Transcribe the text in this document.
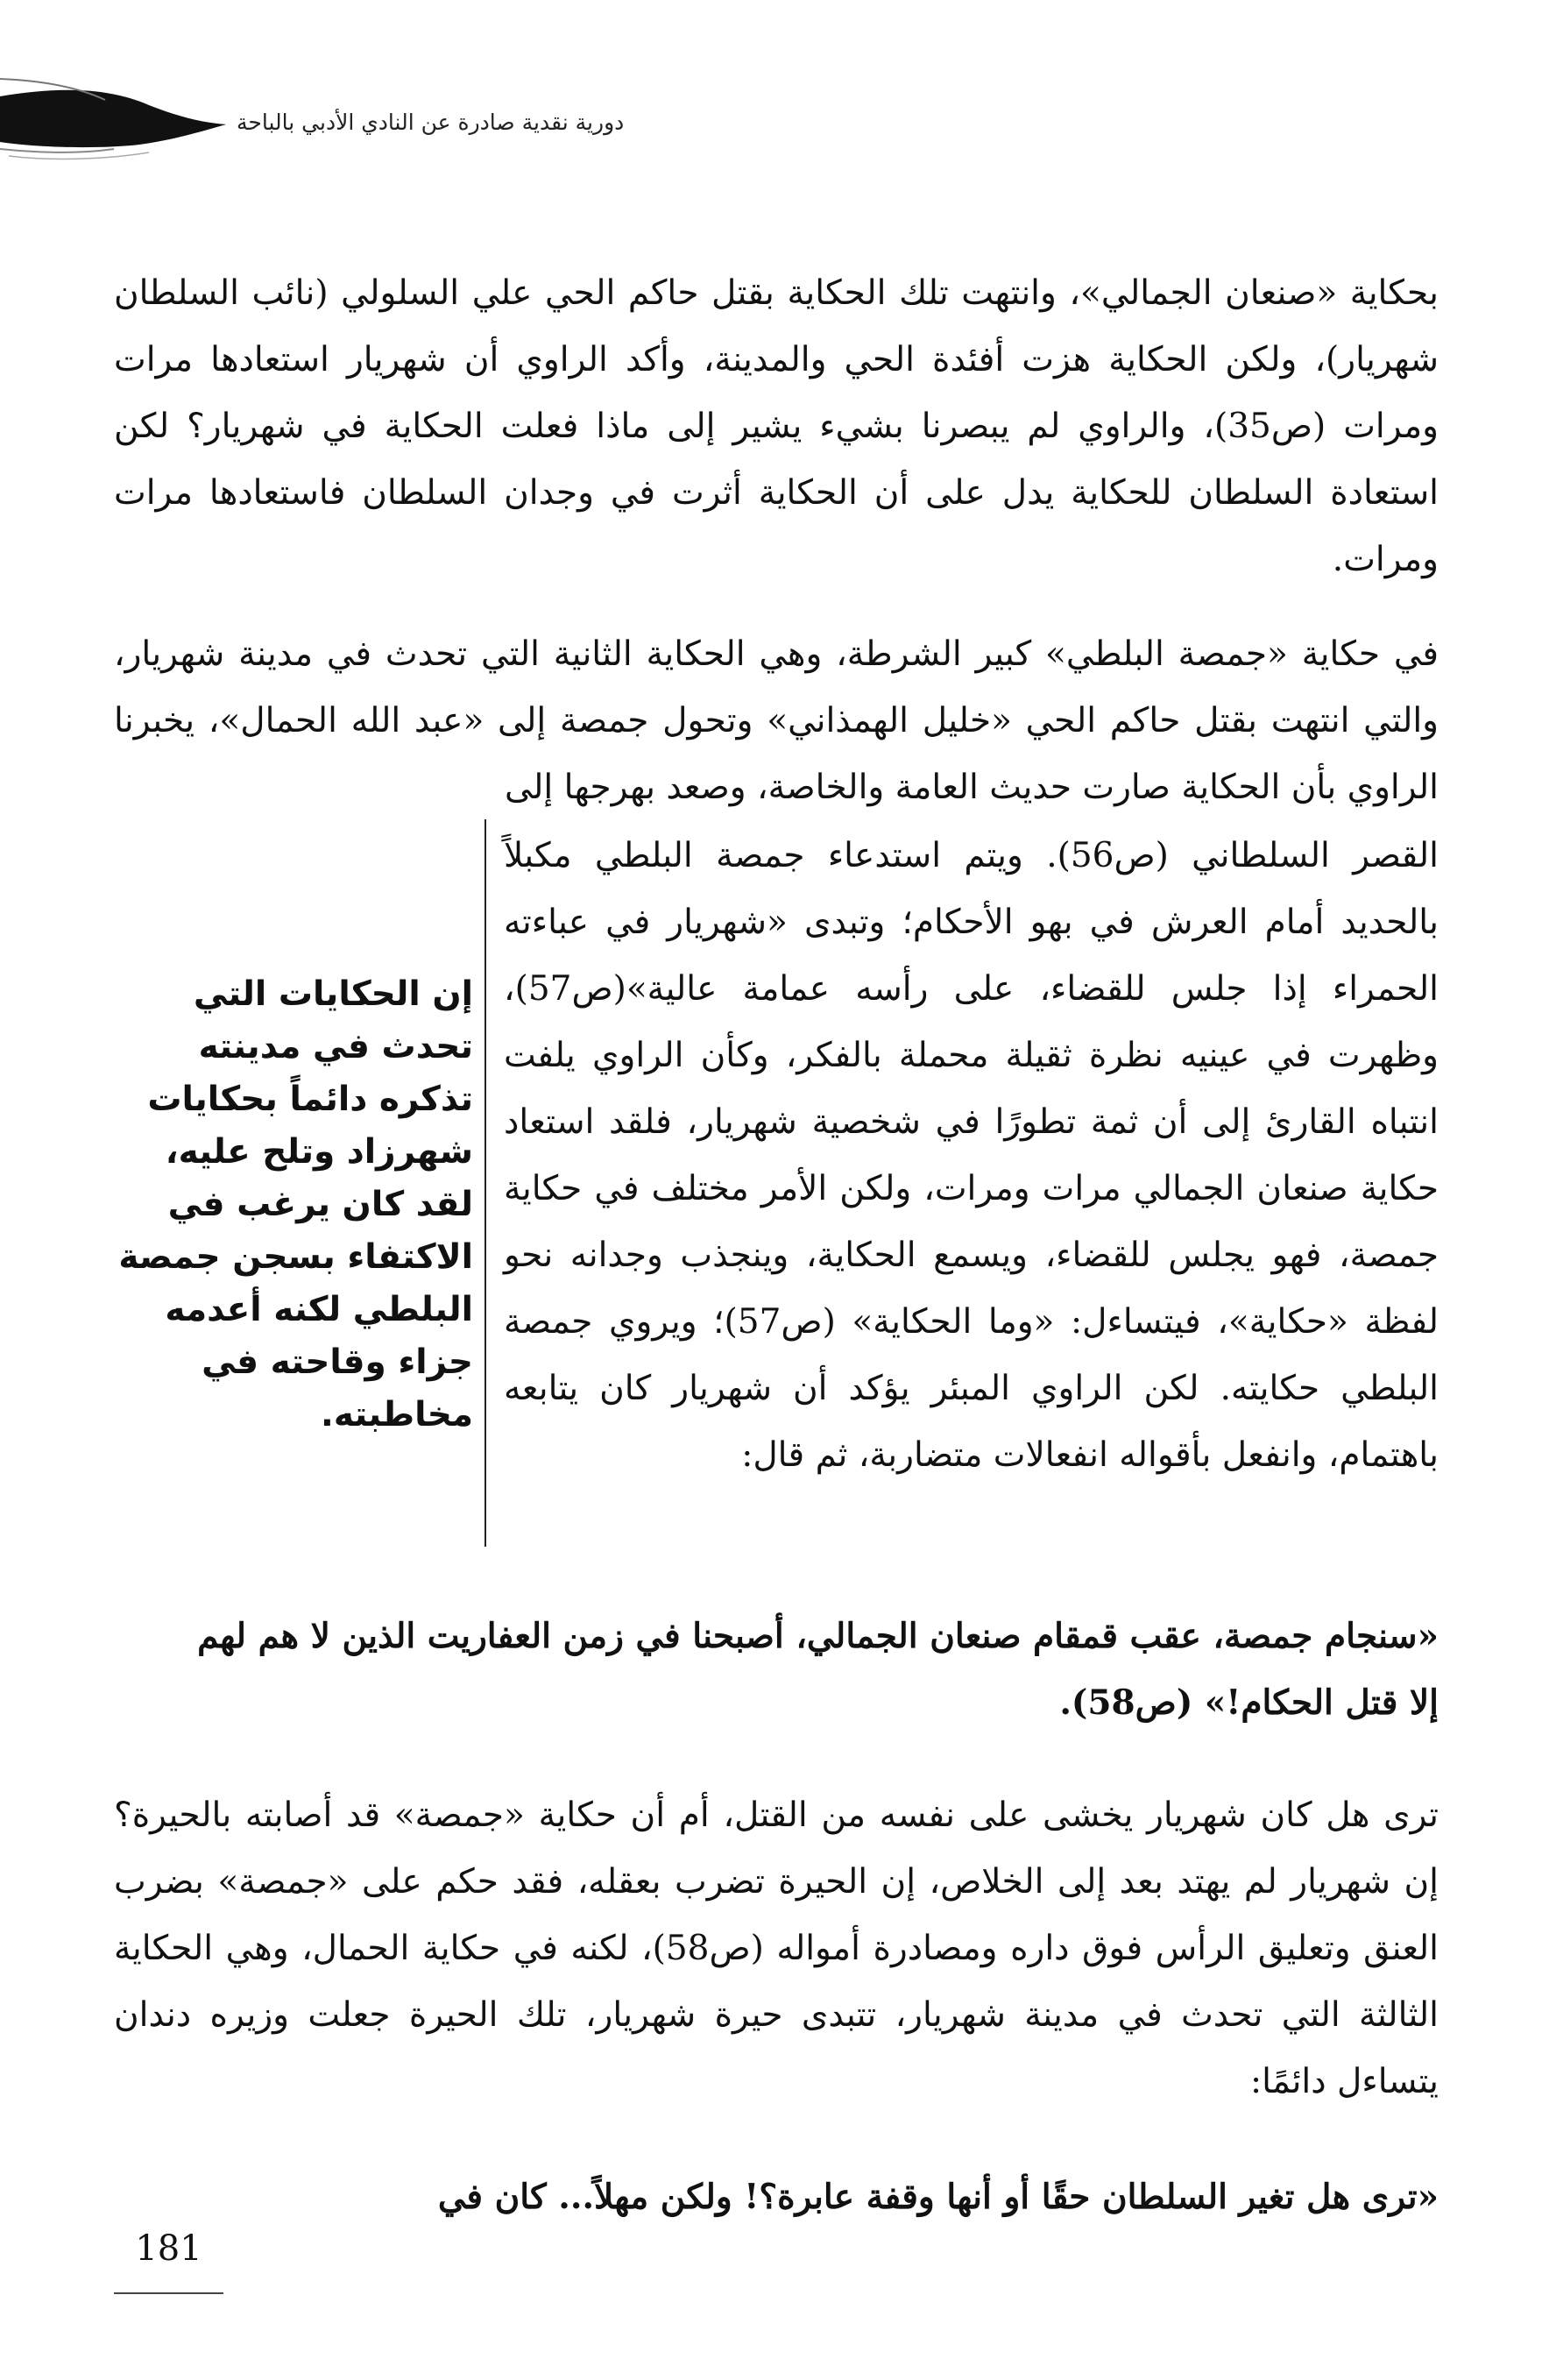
دورية نقدية صادرة عن النادي الأدبي بالباحة

بحكاية «صنعان الجمالي»، وانتهت تلك الحكاية بقتل حاكم الحي علي السلولي (نائب السلطان شهريار)، ولكن الحكاية هزت أفئدة الحي والمدينة، وأكد الراوي أن شهريار استعادها مرات ومرات (ص35)، والراوي لم يبصرنا بشيء يشير إلى ماذا فعلت الحكاية في شهريار؟ لكن استعادة السلطان للحكاية يدل على أن الحكاية أثرت في وجدان السلطان فاستعادها مرات ومرات.

في حكاية «جمصة البلطي» كبير الشرطة، وهي الحكاية الثانية التي تحدث في مدينة شهريار، والتي انتهت بقتل حاكم الحي «خليل الهمذاني» وتحول جمصة إلى «عبد الله الحمال»، يخبرنا الراوي بأن الحكاية صارت حديث العامة والخاصة، وصعد بهرجها إلى

القصر السلطاني (ص56). ويتم استدعاء جمصة البلطي مكبلاً بالحديد أمام العرش في بهو الأحكام؛ وتبدى «شهريار في عباءته الحمراء إذا جلس للقضاء، على رأسه عمامة عالية»(ص57)، وظهرت في عينيه نظرة ثقيلة محملة بالفكر، وكأن الراوي يلفت انتباه القارئ إلى أن ثمة تطورًا في شخصية شهريار، فلقد استعاد حكاية صنعان الجمالي مرات ومرات، ولكن الأمر مختلف في حكاية جمصة، فهو يجلس للقضاء، ويسمع الحكاية، وينجذب وجدانه نحو لفظة «حكاية»، فيتساءل: «وما الحكاية» (ص57)؛ ويروي جمصة البلطي حكايته. لكن الراوي المبئر يؤكد أن شهريار كان يتابعه باهتمام، وانفعل بأقواله انفعالات متضاربة، ثم قال:

إن الحكايات التي تحدث في مدينته تذكره دائماً بحكايات شهرزاد وتلح عليه، لقد كان يرغب في الاكتفاء بسجن جمصة البلطي لكنه أعدمه جزاء وقاحته في مخاطبته.

«سنجام جمصة، عقب قمقام صنعان الجمالي، أصبحنا في زمن العفاريت الذين لا هم لهم إلا قتل الحكام!» (ص58).

ترى هل كان شهريار يخشى على نفسه من القتل، أم أن حكاية «جمصة» قد أصابته بالحيرة؟ إن شهريار لم يهتد بعد إلى الخلاص، إن الحيرة تضرب بعقله، فقد حكم على «جمصة» بضرب العنق وتعليق الرأس فوق داره ومصادرة أمواله (ص58)، لكنه في حكاية الحمال، وهي الحكاية الثالثة التي تحدث في مدينة شهريار، تتبدى حيرة شهريار، تلك الحيرة جعلت وزيره دندان يتساءل دائمًا:

«ترى هل تغير السلطان حقًا أو أنها وقفة عابرة؟! ولكن مهلاً... كان في

181
